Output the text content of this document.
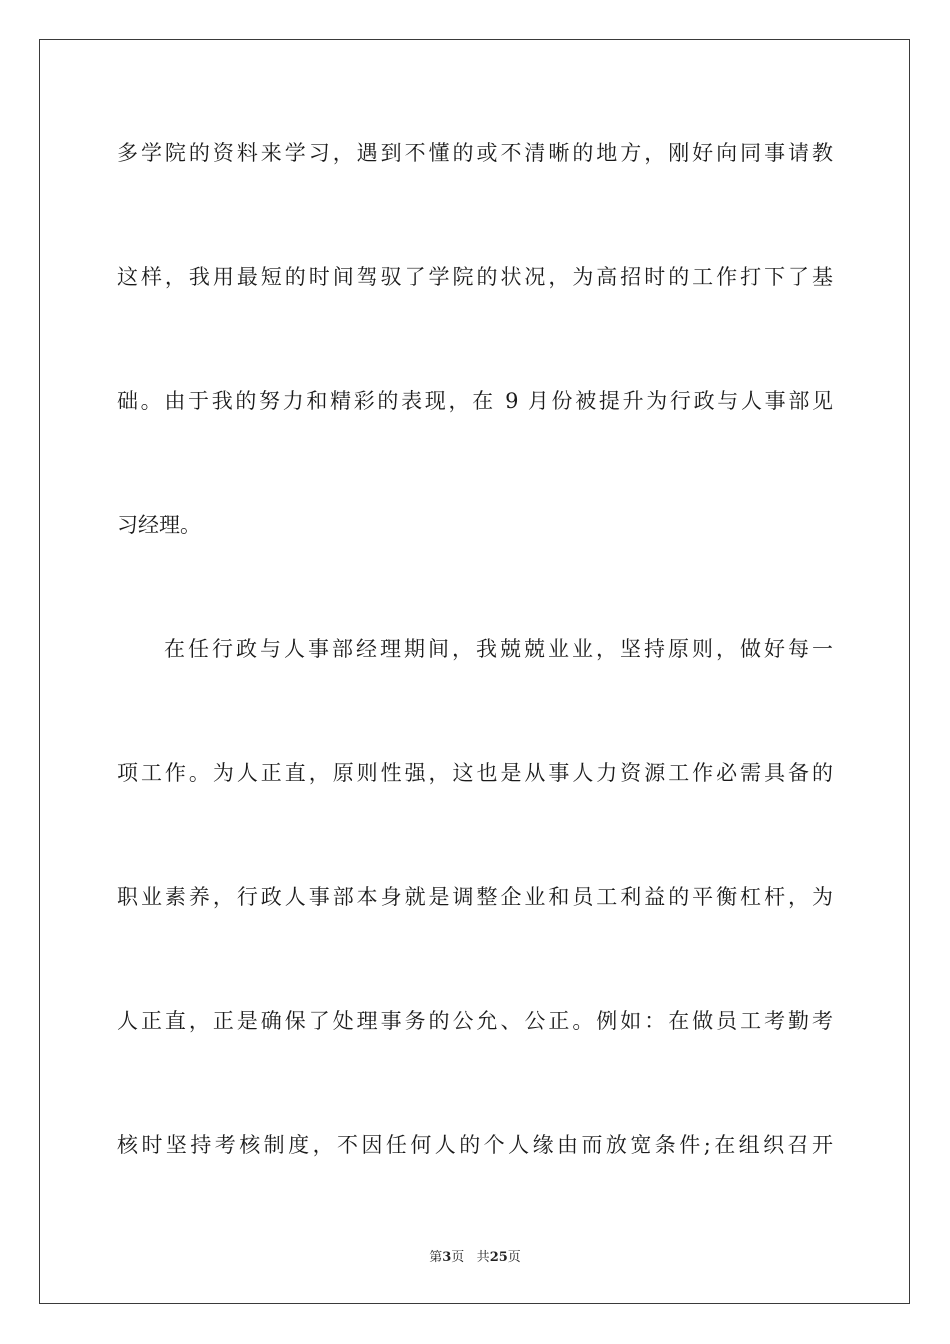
多学院的资料来学习，遇到不懂的或不清晰的地方，刚好向同事请教
这样，我用最短的时间驾驭了学院的状况，为高招时的工作打下了基
础。由于我的努力和精彩的表现，在 9 月份被提升为行政与人事部见
习经理。
在任行政与人事部经理期间，我兢兢业业，坚持原则，做好每一
项工作。为人正直，原则性强，这也是从事人力资源工作必需具备的
职业素养，行政人事部本身就是调整企业和员工利益的平衡杠杆，为
人正直，正是确保了处理事务的公允、公正。例如：在做员工考勤考
核时坚持考核制度，不因任何人的个人缘由而放宽条件;在组织召开
第3页 共25页
